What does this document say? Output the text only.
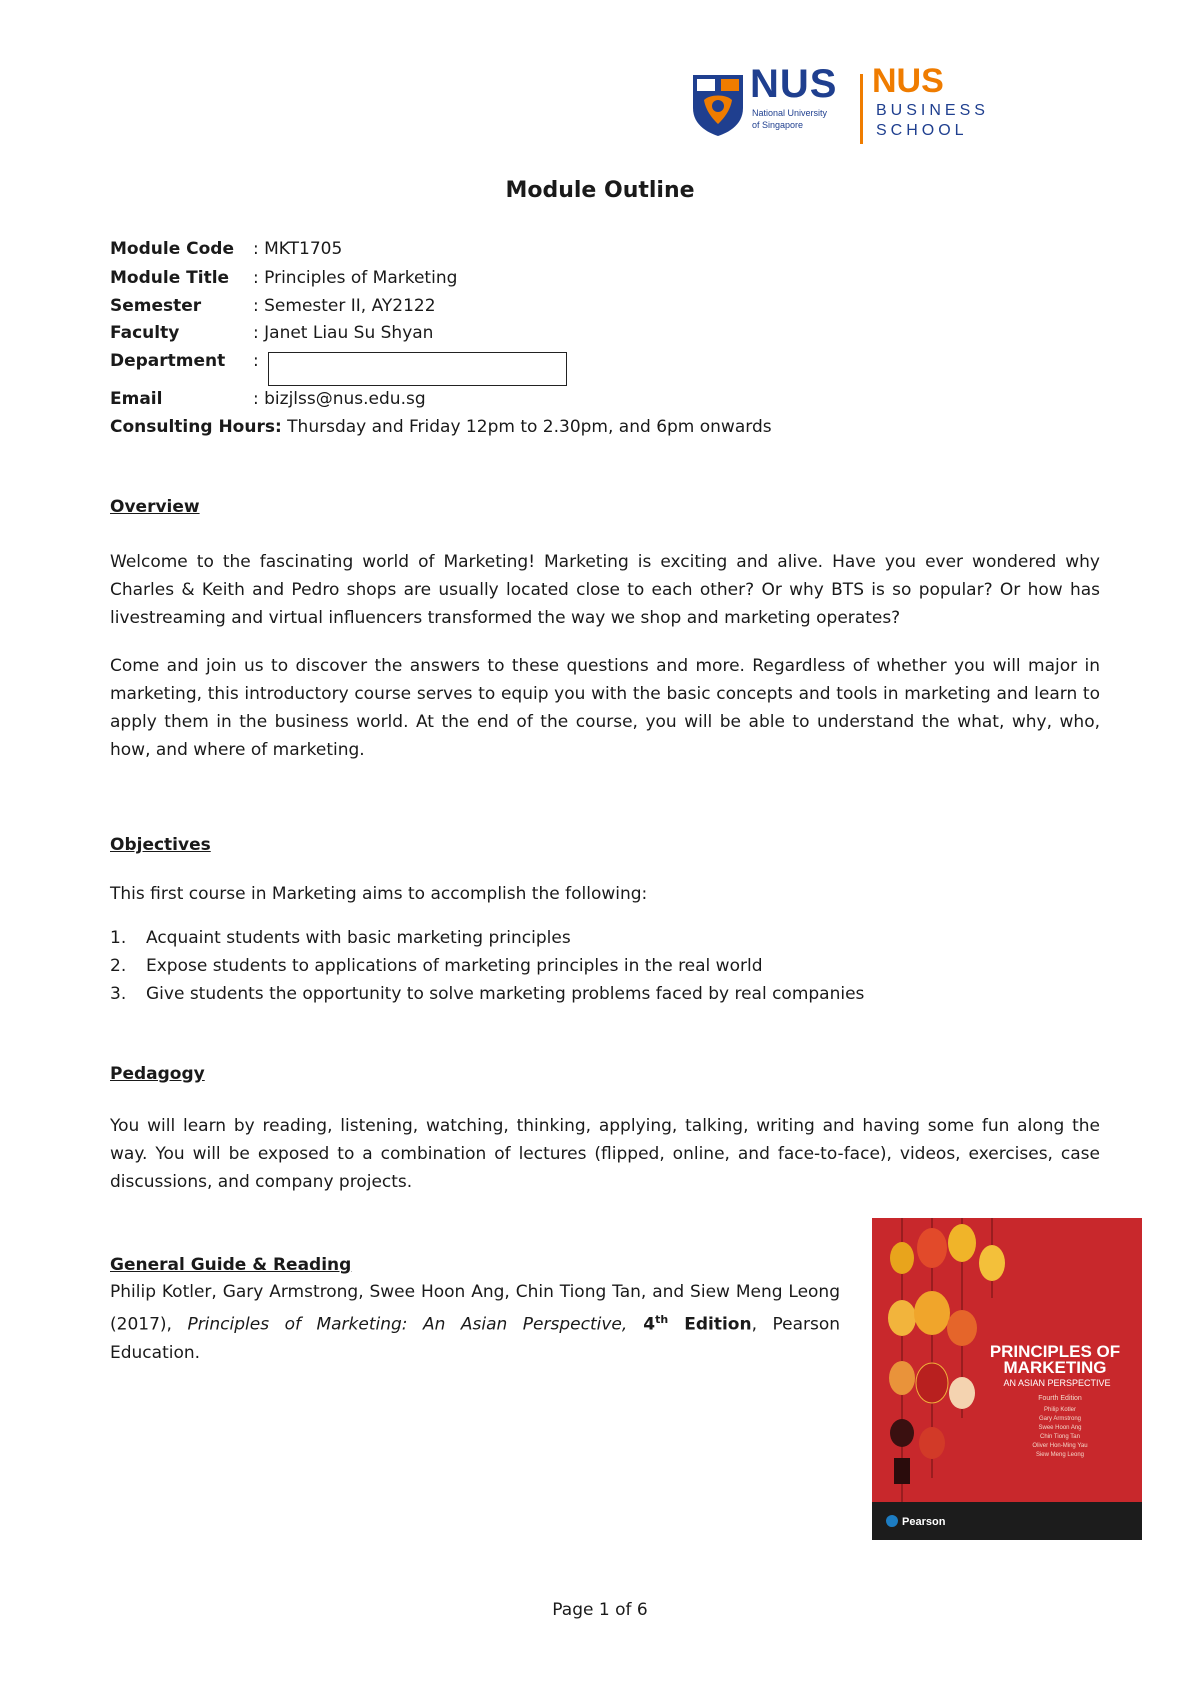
NUS
National University
of Singapore
NUS
BUSINESS
SCHOOL
Module Outline
Module Code : MKT1705
Module Title : Principles of Marketing
Semester	: Semester II, AY2122
Faculty	: Janet Liau Su Shyan
Department :
Email	: bizjlss@nus.edu.sg
Consulting Hours: Thursday and Friday 12pm to 2.30pm, and 6pm onwards
Overview
Welcome to the fascinating world of Marketing! Marketing is exciting and alive. Have you ever wondered why Charles & Keith and Pedro shops are usually located close to each other? Or why BTS is so popular? Or how has livestreaming and virtual influencers transformed the way we shop and marketing operates?
Come and join us to discover the answers to these questions and more. Regardless of whether you will major in marketing, this introductory course serves to equip you with the basic concepts and tools in marketing and learn to apply them in the business world. At the end of the course, you will be able to understand the what, why, who, how, and where of marketing.
Objectives
This first course in Marketing aims to accomplish the following:
1.	Acquaint students with basic marketing principles
2.	Expose students to applications of marketing principles in the real world
3.	Give students the opportunity to solve marketing problems faced by real companies
Pedagogy
You will learn by reading, listening, watching, thinking, applying, talking, writing and having some fun along the way. You will be exposed to a combination of lectures (flipped, online, and face-to-face), videos, exercises, case discussions, and company projects.
General Guide & Reading
Philip Kotler, Gary Armstrong, Swee Hoon Ang, Chin Tiong Tan, and Siew Meng Leong (2017), Principles of Marketing: An Asian Perspective, 4th Edition, Pearson Education.	PRINCIPLES OF MARKETING
AN ASIAN PERSPECTIVE
Fourth Edition
Philip Kotler
Gary Armstrong
Swee Hoon Ang
Chin Tiong Tan
Oliver Hon-Ming Yau
Siew Meng Leong
Pearson
Page 1 of 6
